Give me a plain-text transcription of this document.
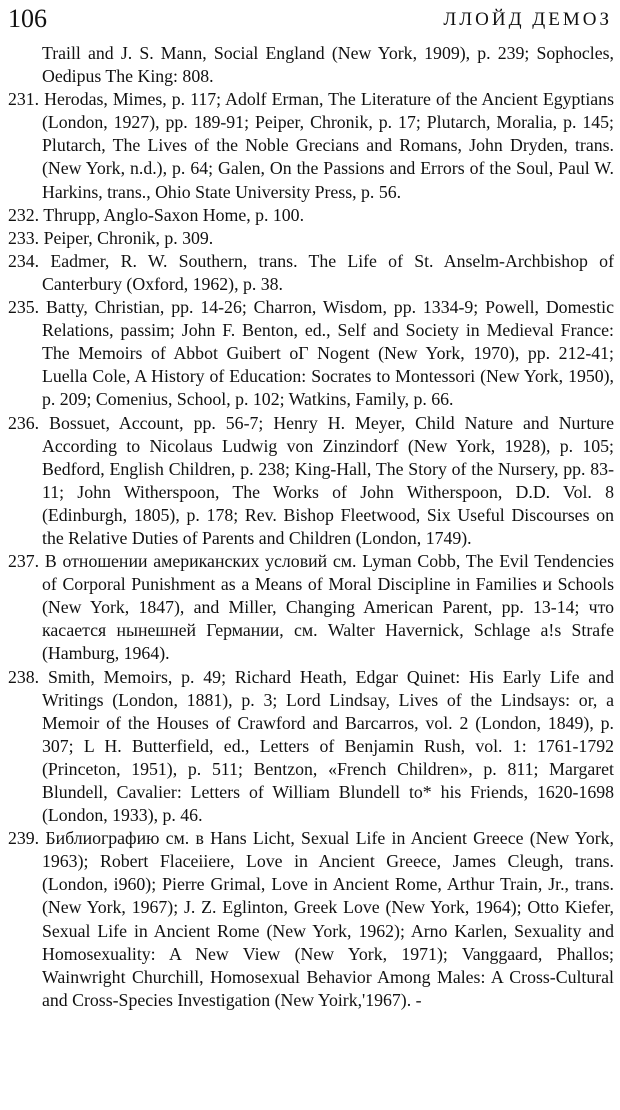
106	ЛЛОЙД ДЕМОЗ

Traill and J. S. Mann, Social England (New York, 1909), p. 239; Sophocles, Oedipus The King: 808.

231. Herodas, Mimes, p. 117; Adolf Erman, The Literature of the Ancient Egyptians (London, 1927), pp. 189-91; Peiper, Chronik, p. 17; Plutarch, Moralia, p. 145; Plutarch, The Lives of the Noble Grecians and Romans, John Dryden, trans. (New York, n.d.), p. 64; Galen, On the Passions and Errors of the Soul, Paul W. Harkins, trans., Ohio State University Press, p. 56.

232. Thrupp, Anglo-Saxon Home, p. 100.

233. Peiper, Chronik, p. 309.

234. Eadmer, R. W. Southern, trans. The Life of St. Anselm-Archbishop of Canterbury (Oxford, 1962), p. 38.

235. Batty, Christian, pp. 14-26; Charron, Wisdom, pp. 1334-9; Powell, Domestic Relations, passim; John F. Benton, ed., Self and Society in Medieval France: The Memoirs of Abbot Guibert oГ Nogent (New York, 1970), pp. 212-41; Luella Cole, A History of Education: Socrates to Montessori (New York, 1950), p. 209; Comenius, School, p. 102; Watkins, Family, p. 66.

236. Bossuet, Account, pp. 56-7; Henry H. Meyer, Child Nature and Nurture According to Nicolaus Ludwig von Zinzindorf (New York, 1928), p. 105; Bedford, English Children, p. 238; King-Hall, The Story of the Nursery, pp. 83-11; John Witherspoon, The Works of John Witherspoon, D.D. Vol. 8 (Edinburgh, 1805), p. 178; Rev. Bishop Fleetwood, Six Useful Discourses on the Relative Duties of Parents and Children (London, 1749).

237. В отношении американских условий см. Lyman Cobb, The Evil Tendencies of Corporal Punishment as a Means of Moral Discipline in Families и Schools (New York, 1847), and Miller, Changing American Parent, pp. 13-14; что касается нынешней Германии, см. Walter Havernick, Schlage a!s Strafe (Hamburg, 1964).

238. Smith, Memoirs, p. 49; Richard Heath, Edgar Quinet: His Early Life and Writings (London, 1881), p. 3; Lord Lindsay, Lives of the Lindsays: or, a Memoir of the Houses of Crawford and Barcarros, vol. 2 (London, 1849), p. 307; L H. Butterfield, ed., Letters of Benjamin Rush, vol. 1: 1761-1792 (Princeton, 1951), p. 511; Bentzon, «French Children», p. 811; Margaret Blundell, Cavalier: Letters of William Blundell to* his Friends, 1620-1698 (London, 1933), p. 46.

239. Библиографию см. в Hans Licht, Sexual Life in Ancient Greece (New York, 1963); Robert Flaceiiere, Love in Ancient Greece, James Cleugh, trans. (London, i960); Pierre Grimal, Love in Ancient Rome, Arthur Train, Jr., trans. (New York, 1967); J. Z. Eglinton, Greek Love (New York, 1964); Otto Kiefer, Sexual Life in Ancient Rome (New York, 1962); Arno Karlen, Sexuality and Homosexuality: A New View (New York, 1971); Vanggaard, Phallos; Wainwright Churchill, Homosexual Behavior Among Males: A Cross-Cultural and Cross-Species Investigation (New Yoirk,'1967). -
